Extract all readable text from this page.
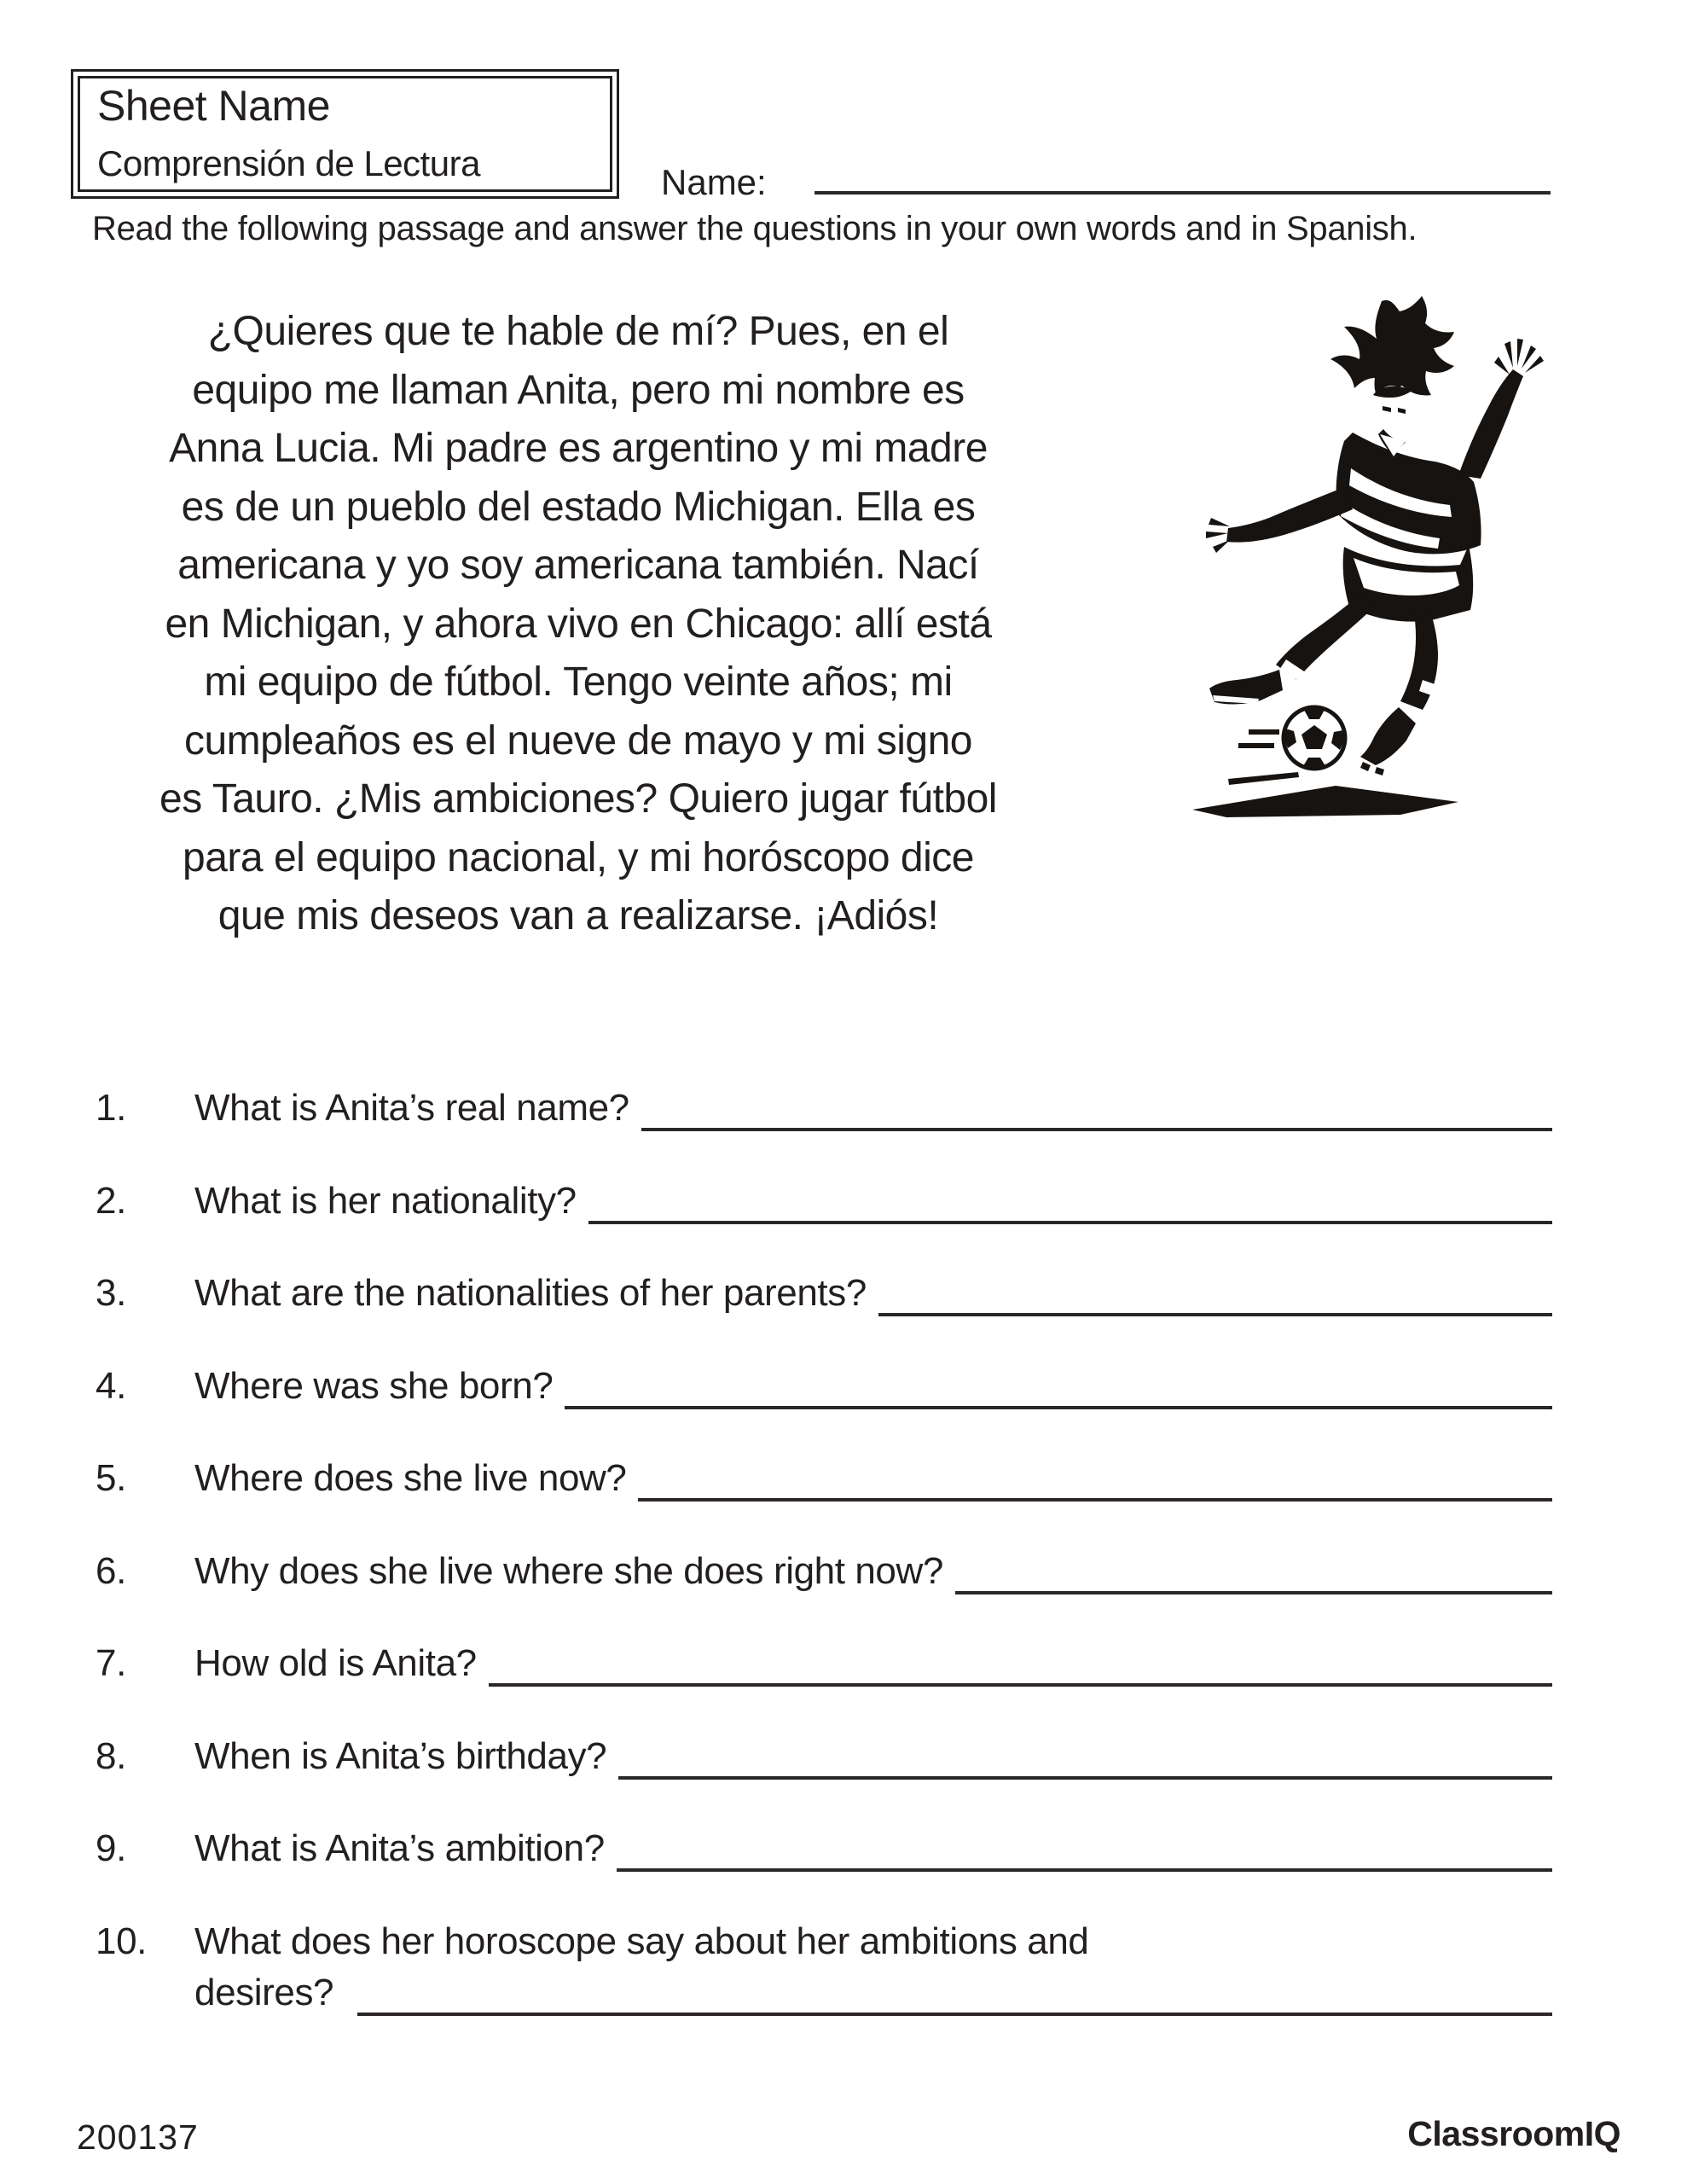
Sheet Name
Comprensión de Lectura	Name:

Read the following passage and answer the questions in your own words and in Spanish.

¿Quieres que te hable de mí? Pues, en el
equipo me llaman Anita, pero mi nombre es
Anna Lucia. Mi padre es argentino y mi madre
es de un pueblo del estado Michigan. Ella es
americana y yo soy americana también. Nací
en Michigan, y ahora vivo en Chicago: allí está
mi equipo de fútbol. Tengo veinte años; mi
cumpleaños es el nueve de mayo y mi signo
es Tauro. ¿Mis ambiciones? Quiero jugar fútbol
para el equipo nacional, y mi horóscopo dice
que mis deseos van a realizarse. ¡Adiós!
1.	What is Anita’s real name?
2.	What is her nationality?
3.	What are the nationalities of her parents?
4.	Where was she born?
5.	Where does she live now?
6.	Why does she live where she does right now?
7.	How old is Anita?
8.	When is Anita’s birthday?
9.	What is Anita’s ambition?
10.	What does her horoscope say about her ambitions and
desires?
200137	ClassroomIQ
